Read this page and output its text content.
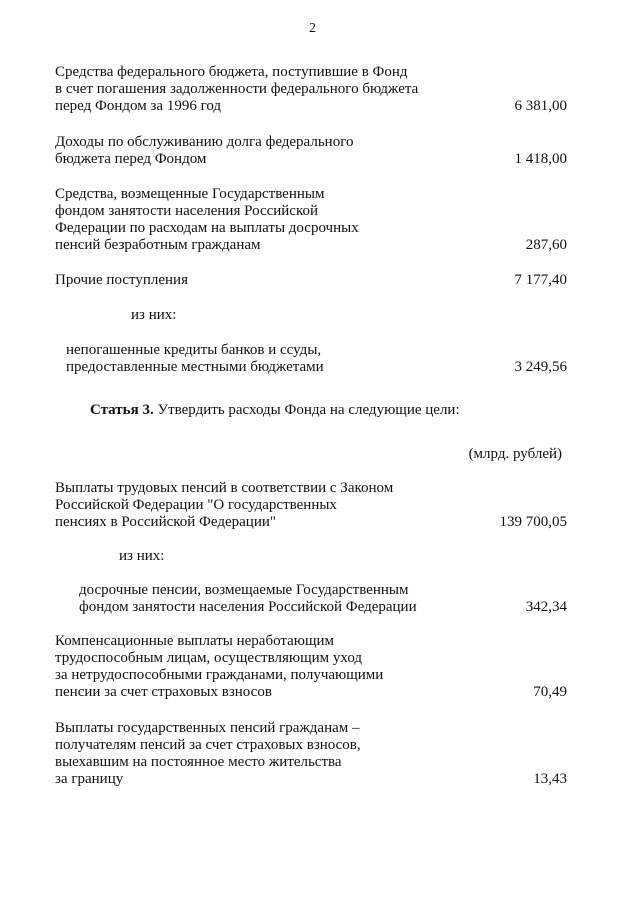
2
Средства федерального бюджета, поступившие в Фонд
в счет погашения задолженности федерального бюджета
перед Фондом за 1996 год	6 381,00
Доходы по обслуживанию долга федерального
бюджета перед Фондом	1 418,00
Средства, возмещенные Государственным
фондом занятости населения Российской
Федерации по расходам на выплаты досрочных
пенсий безработным гражданам	287,60
Прочие поступления	7 177,40
из них:
непогашенные кредиты банков и ссуды,
предоставленные местными бюджетами	3 249,56
Статья 3. Утвердить расходы Фонда на следующие цели:
(млрд. рублей)
Выплаты трудовых пенсий в соответствии с Законом
Российской Федерации "О государственных
пенсиях в Российской Федерации"	139 700,05
из них:
досрочные пенсии, возмещаемые Государственным
фондом занятости населения Российской Федерации	342,34
Компенсационные выплаты неработающим
трудоспособным лицам, осуществляющим уход
за нетрудоспособными гражданами, получающими
пенсии за счет страховых взносов	70,49
Выплаты государственных пенсий гражданам –
получателям пенсий за счет страховых взносов,
выехавшим на постоянное место жительства
за границу	13,43
